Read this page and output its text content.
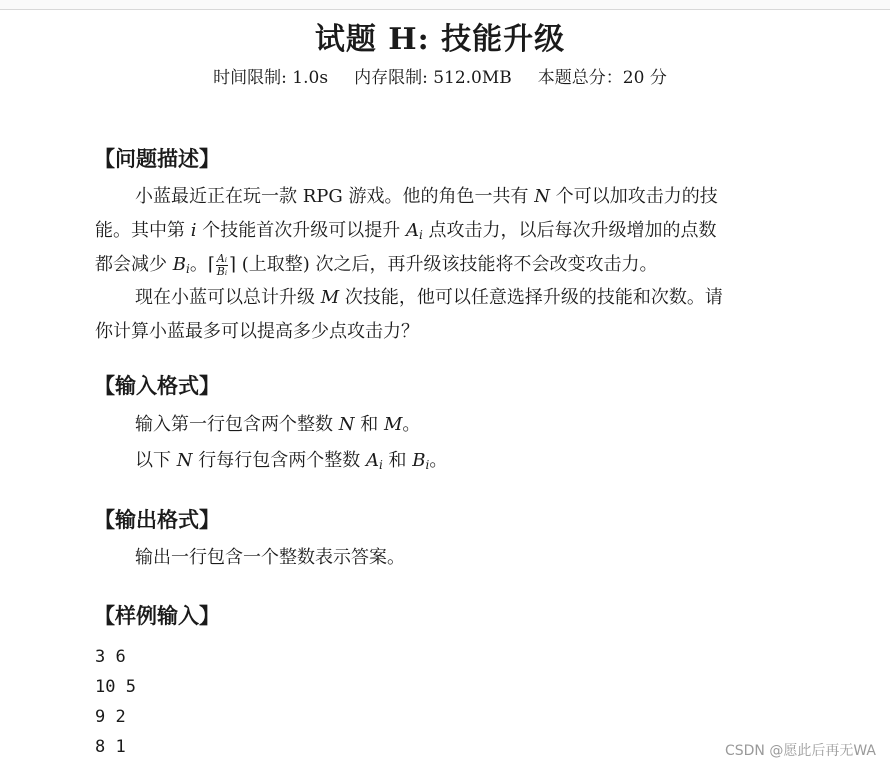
试题 H: 技能升级
时间限制: 1.0s 内存限制: 512.0MB 本题总分：20 分
【问题描述】
小蓝最近正在玩一款 RPG 游戏。他的角色一共有 N 个可以加攻击力的技
能。其中第 i 个技能首次升级可以提升 $A_i$ 点攻击力，以后每次升级增加的点数
都会减少 $B_i$。⌈ $\frac{\text{Aᵢ}}{\text{Bᵢ}}$ ⌉ (上取整) 次之后，再升级该技能将不会改变攻击力。
现在小蓝可以总计升级 M 次技能，他可以任意选择升级的技能和次数。请
你计算小蓝最多可以提高多少点攻击力？
【输入格式】
输入第一行包含两个整数 N 和 M。
以下 N 行每行包含两个整数 $A_i$ 和 $B_i$。
【输出格式】
输出一行包含一个整数表示答案。
【样例输入】
3 6
10 5
9 2
8 1	CSDN @愿此后再无WA
